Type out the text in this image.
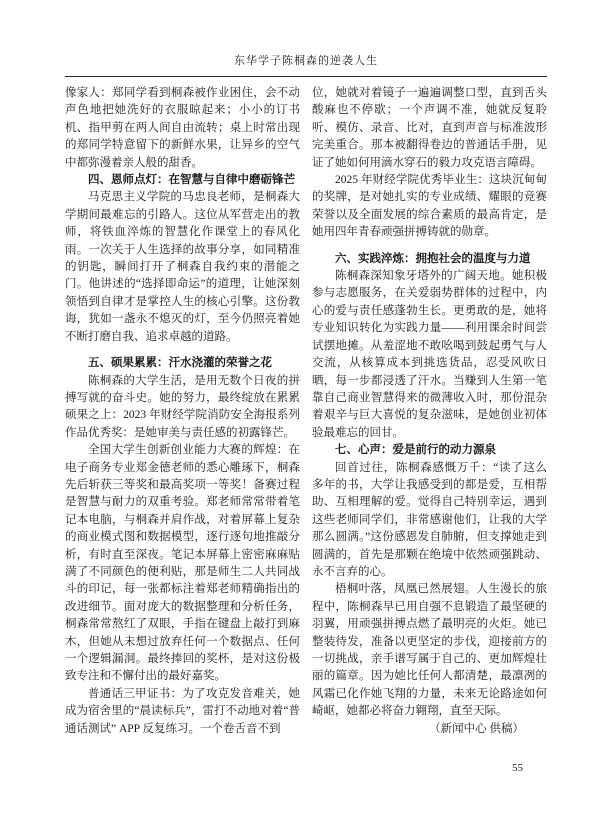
东华学子陈桐森的逆袭人生

像家人：郑同学看到桐森被作业困住，会不动声色地把她洗好的衣服晾起来；小小的订书机、指甲剪在两人间自由流转；桌上时常出现的郑同学特意留下的新鲜水果，让异乡的空气中都弥漫着亲人般的甜香。

四、恩师点灯：在智慧与自律中磨砺锋芒

马克思主义学院的马忠良老师，是桐森大学期间最难忘的引路人。这位从军营走出的教师，将铁血淬炼的智慧化作课堂上的春风化雨。一次关于人生选择的故事分享，如同精准的钥匙，瞬间打开了桐森自我约束的潜能之门。他讲述的“选择即命运”的道理，让她深刻领悟到自律才是掌控人生的核心引擎。这份教诲，犹如一盏永不熄灭的灯，至今仍照亮着她不断打磨自我、追求卓越的道路。

五、硕果累累：汗水浇灌的荣誉之花

陈桐森的大学生活，是用无数个日夜的拼搏写就的奋斗史。她的努力，最终绽放在累累硕果之上：2023 年财经学院消防安全海报系列作品优秀奖：是她审美与责任感的初露锋芒。

全国大学生创新创业能力大赛的辉煌：在电子商务专业郑金德老师的悉心雕琢下，桐森先后斩获三等奖和最高奖项一等奖！备赛过程是智慧与耐力的双重考验。郑老师常常带着笔记本电脑，与桐森并肩作战，对着屏幕上复杂的商业模式图和数据模型，逐行逐句地推敲分析，有时直至深夜。笔记本屏幕上密密麻麻贴满了不同颜色的便利贴，那是师生二人共同战斗的印记，每一张都标注着郑老师精确指出的改进细节。面对庞大的数据整理和分析任务，桐森常常熬红了双眼，手指在键盘上敲打到麻木，但她从未想过放弃任何一个数据点、任何一个逻辑漏洞。最终捧回的奖杯，是对这份极致专注和不懈付出的最好嘉奖。

普通话三甲证书：为了攻克发音难关，她成为宿舍里的“晨读标兵”，雷打不动地对着“普通话测试” APP 反复练习。一个卷舌音不到

位，她就对着镜子一遍遍调整口型，直到舌头酸麻也不停歇；一个声调不准，她就反复聆听、模仿、录音、比对，直到声音与标准波形完美重合。那本被翻得卷边的普通话手册，见证了她如何用滴水穿石的毅力攻克语言障碍。

2025 年财经学院优秀毕业生：这块沉甸甸的奖牌，是对她扎实的专业成绩、耀眼的竞赛荣誉以及全面发展的综合素质的最高肯定，是她用四年青春顽强拼搏铸就的勋章。

六、实践淬炼：拥抱社会的温度与力道

陈桐森深知象牙塔外的广阔天地。她积极参与志愿服务，在关爱弱势群体的过程中，内心的爱与责任感蓬勃生长。更勇敢的是，她将专业知识转化为实践力量——利用课余时间尝试摆地摊。从羞涩地不敢吆喝到鼓起勇气与人交流，从核算成本到挑选货品，忍受风吹日晒，每一步都浸透了汗水。当赚到人生第一笔靠自己商业智慧得来的微薄收入时，那份混杂着艰辛与巨大喜悦的复杂滋味，是她创业初体验最难忘的回甘。

七、心声：爱是前行的动力源泉

回首过往，陈桐森感慨万千：“读了这么多年的书，大学让我感受到的都是爱，互相帮助、互相理解的爱。觉得自己特别幸运，遇到这些老师同学们，非常感谢他们，让我的大学那么圆满。”这份感恩发自肺腑，但支撑她走到圆满的，首先是那颗在绝境中依然顽强跳动、永不言弃的心。

梧桐叶落，凤凰已然展翅。人生漫长的旅程中，陈桐森早已用自强不息锻造了最坚硬的羽翼，用顽强拼搏点燃了最明亮的火炬。她已整装待发，准备以更坚定的步伐，迎接前方的一切挑战，亲手谱写属于自己的、更加辉煌壮丽的篇章。因为她比任何人都清楚，最凛冽的风霜已化作她飞翔的力量，未来无论路途如何崎岖，她都必将奋力翱翔，直至天际。

（新闻中心 供稿）

55
